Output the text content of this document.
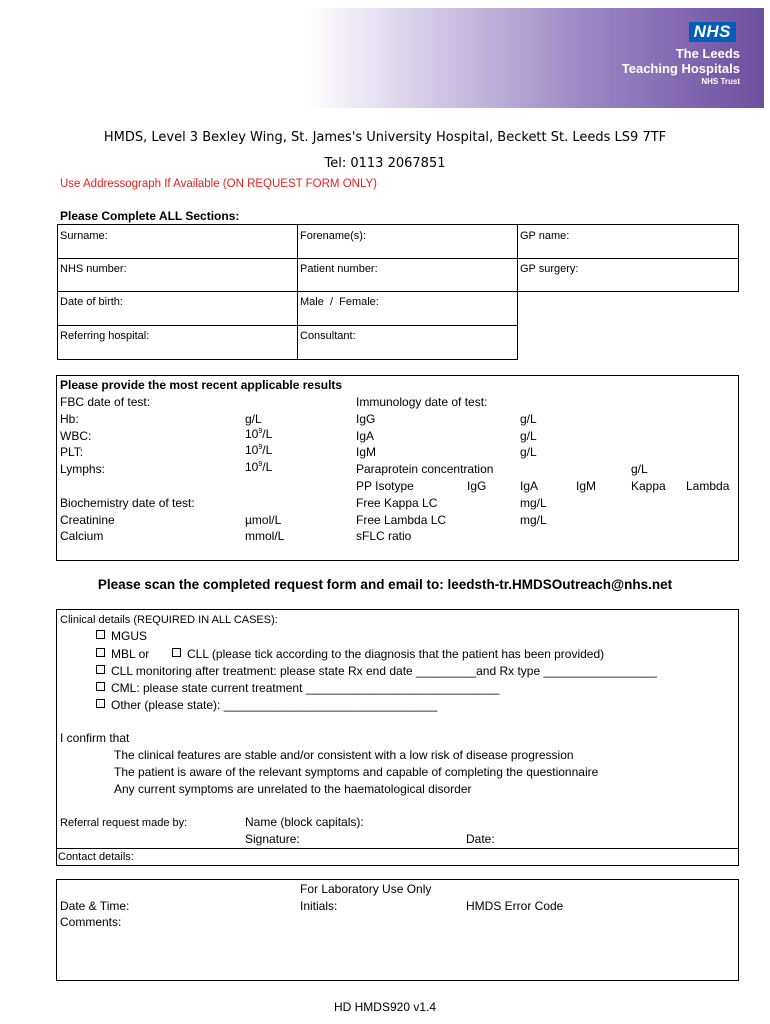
NHS
The Leeds
Teaching Hospitals
NHS Trust
HMDS, Level 3 Bexley Wing, St. James's University Hospital, Beckett St. Leeds LS9 7TF
Tel: 0113 2067851
Use Addressograph If Available (ON REQUEST FORM ONLY)
Please Complete ALL Sections:
Surname:	Forename(s):	GP name:
NHS number:	Patient number:	GP surgery:
Date of birth:	Male  /  Female:
Referring hospital:	Consultant:
Please provide the most recent applicable results
FBC date of test:
Hb:	g/L
WBC:	$10^9/L$
PLT:	$10^9/L$
Lymphs:	$10^9/L$
Biochemistry date of test:
Creatinine	µmol/L
Calcium	mmol/L
Immunology date of test:
IgG	g/L
IgA	g/L
IgM	g/L
Paraprotein concentration	g/L
PP Isotype	IgG	IgA	IgM	Kappa Lambda
Free Kappa LC	mg/L
Free Lambda LC	mg/L
sFLC ratio
Please scan the completed request form and email to: leedsth-tr.HMDSOutreach@nhs.net
Clinical details (REQUIRED IN ALL CASES):
MGUS
MBL or	CLL (please tick according to the diagnosis that the patient has been provided)
CLL monitoring after treatment: please state Rx end date _________and Rx type _________________
CML: please state current treatment _____________________________
Other (please state): ________________________________
I confirm that
The clinical features are stable and/or consistent with a low risk of disease progression
The patient is aware of the relevant symptoms and capable of completing the questionnaire
Any current symptoms are unrelated to the haematological disorder
Referral request made by:	Name (block capitals):
Signature:	Date:
Contact details:
For Laboratory Use Only
Date & Time:	Initials:	HMDS Error Code
Comments:
HD HMDS920 v1.4
